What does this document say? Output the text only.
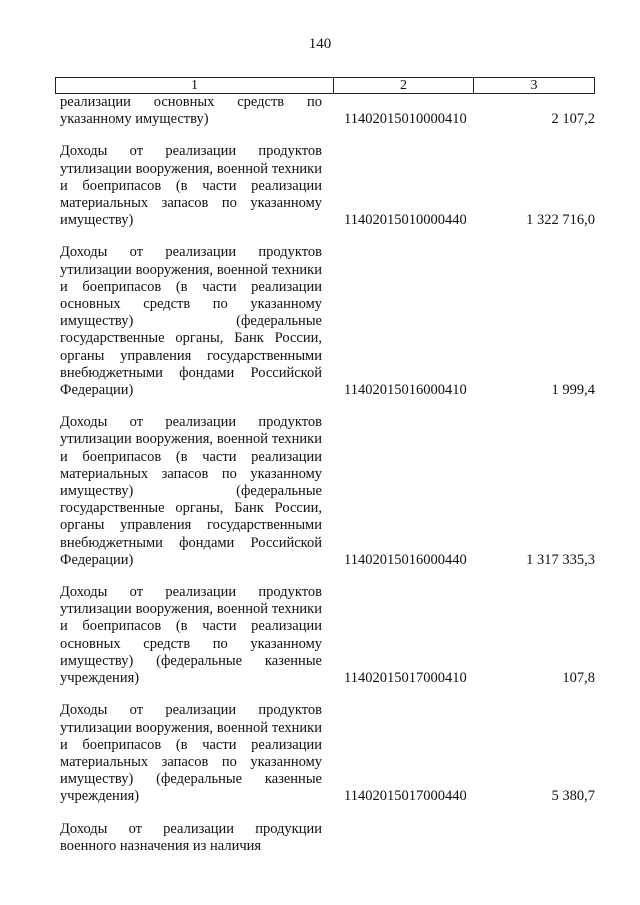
140
1	2	3
реализации основных средств по указанному имуществу)	11402015010000410	2 107,2
Доходы от реализации продуктов утилизации вооружения, военной техники и боеприпасов (в части реализации материальных запасов по указанному имуществу)	11402015010000440	1 322 716,0
Доходы от реализации продуктов утилизации вооружения, военной техники и боеприпасов (в части реализации основных средств по указанному имуществу) (федеральные государственные органы, Банк России, органы управления государственными внебюджетными фондами Российской Федерации)	11402015016000410	1 999,4
Доходы от реализации продуктов утилизации вооружения, военной техники и боеприпасов (в части реализации материальных запасов по указанному имуществу) (федеральные государственные органы, Банк России, органы управления государственными внебюджетными фондами Российской Федерации)	11402015016000440	1 317 335,3
Доходы от реализации продуктов утилизации вооружения, военной техники и боеприпасов (в части реализации основных средств по указанному имуществу) (федеральные казенные учреждения)	11402015017000410	107,8
Доходы от реализации продуктов утилизации вооружения, военной техники и боеприпасов (в части реализации материальных запасов по указанному имуществу) (федеральные казенные учреждения)	11402015017000440	5 380,7
Доходы от реализации продукции военного назначения из наличия
